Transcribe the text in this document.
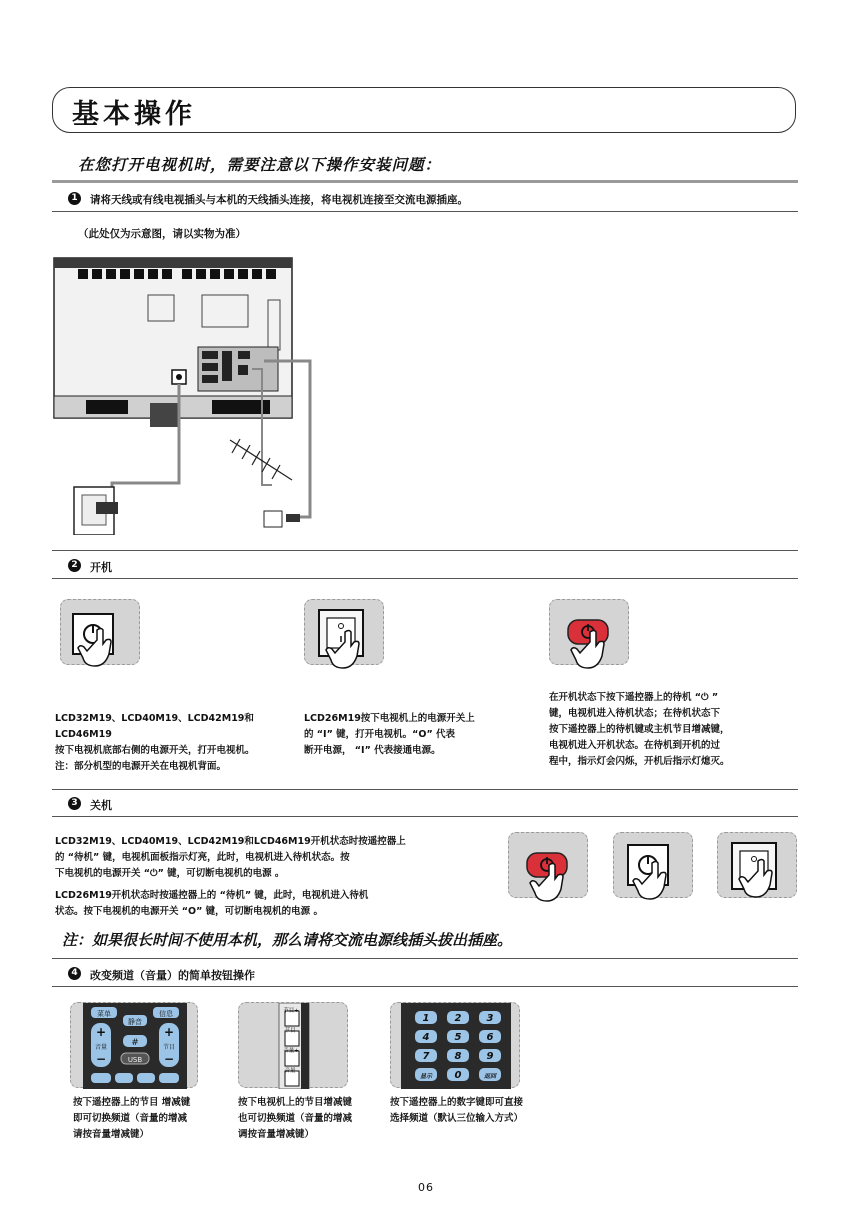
基本操作
在您打开电视机时，需要注意以下操作安装问题：
1	请将天线或有线电视插头与本机的天线插头连接，将电视机连接至交流电源插座。
（此处仅为示意图，请以实物为准）
2	开机
LCD32M19、LCD40M19、LCD42M19和LCD46M19
按下电视机底部右侧的电源开关，打开电视机。
注：部分机型的电源开关在电视机背面。
LCD26M19按下电视机上的电源开关上
的 “I” 键，打开电视机。“O” 代表
断开电源， “I” 代表接通电源。
在开机状态下按下遥控器上的待机 “⏻ ”
键，电视机进入待机状态；在待机状态下
按下遥控器上的待机键或主机节目增减键，
电视机进入开机状态。在待机到开机的过
程中，指示灯会闪烁，开机后指示灯熄灭。
3	关机
LCD32M19、LCD40M19、LCD42M19和LCD46M19开机状态时按遥控器上
的 “待机” 键，电视机面板指示灯亮，此时，电视机进入待机状态。按
下电视机的电源开关 “⏻” 键，可切断电视机的电源 。
LCD26M19开机状态时按遥控器上的 “待机” 键，此时，电视机进入待机
状态。按下电视机的电源开关 “O” 键，可切断电视机的电源 。
注：如果很长时间不使用本机，那么请将交流电源线插头拔出插座。
4	改变频道（音量）的简单按钮操作
菜单	信息
静音
+
音量
−
+
节目
−
#
USB
节目+
节目-
音量+
音量-
1	2	3
4	5	6
7	8	9
显示 0	返回
按下遥控器上的节目 增减键
即可切换频道（音量的增减
请按音量增减键）
按下电视机上的节目增减键
也可切换频道（音量的增减
调按音量增减键）
按下遥控器上的数字键即可直接
选择频道（默认三位输入方式）
06
